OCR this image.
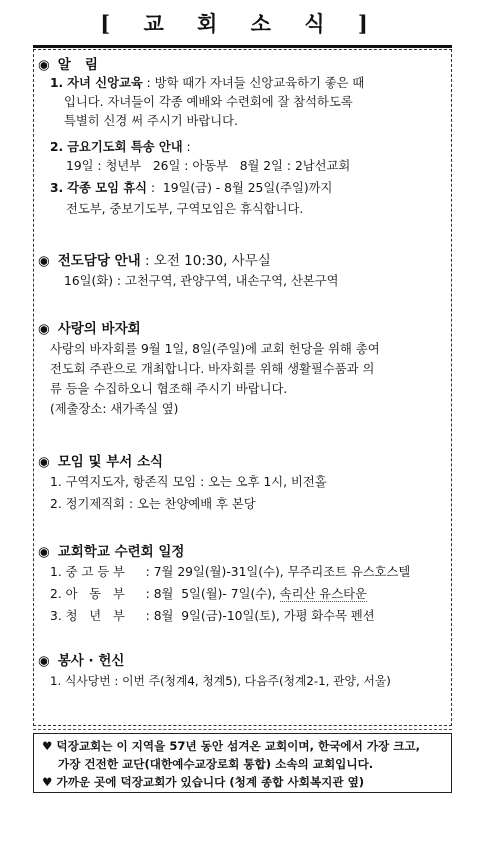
[ 교 회 소 식 ]
◉ 알   림
1. 자녀 신앙교육 : 방학 때가 자녀들 신앙교육하기 좋은 때
입니다. 자녀들이 각종 예배와 수련회에 잘 참석하도록
특별히 신경 써 주시기 바랍니다.
2. 금요기도회 특송 안내 :
19일 : 청년부   26일 : 아동부   8월 2일 : 2남선교회
3. 각종 모임 휴식 :  19일(금) - 8월 25일(주일)까지
전도부, 중보기도부, 구역모임은 휴식합니다.
◉ 전도담당 안내 : 오전 10:30, 사무실
16일(화) : 고천구역, 관양구역, 내손구역, 산본구역
◉ 사랑의 바자회
사랑의 바자회를 9월 1일, 8일(주일)에 교회 헌당을 위해 총여
전도회 주관으로 개최합니다. 바자회를 위해 생활필수품과 의
류 등을 수집하오니 협조해 주시기 바랍니다.
(제출장소: 새가족실 옆)
◉ 모임 및 부서 소식
1. 구역지도자, 항존직 모임 : 오는 오후 1시, 비전홀
2. 정기제직회 : 오는 찬양예배 후 본당
◉ 교회학교 수련회 일정
1. 중 고 등 부 : 7월 29일(월)-31일(수), 무주리조트 유스호스텔
2. 아   동   부 : 8월  5일(월)- 7일(수), 속리산 유스타운
3. 청   년   부 : 8월  9일(금)-10일(토), 가평 화수목 펜션
◉ 봉사 · 헌신
1. 식사당번 : 이번 주(청계4, 청계5), 다음주(청계2-1, 관양, 서울)
♥ 덕장교회는 이 지역을 57년 동안 섬겨온 교회이며, 한국에서 가장 크고,
가장 건전한 교단(대한예수교장로회 통합) 소속의 교회입니다.
♥ 가까운 곳에 덕장교회가 있습니다 (청계 종합 사회복지관 옆)
